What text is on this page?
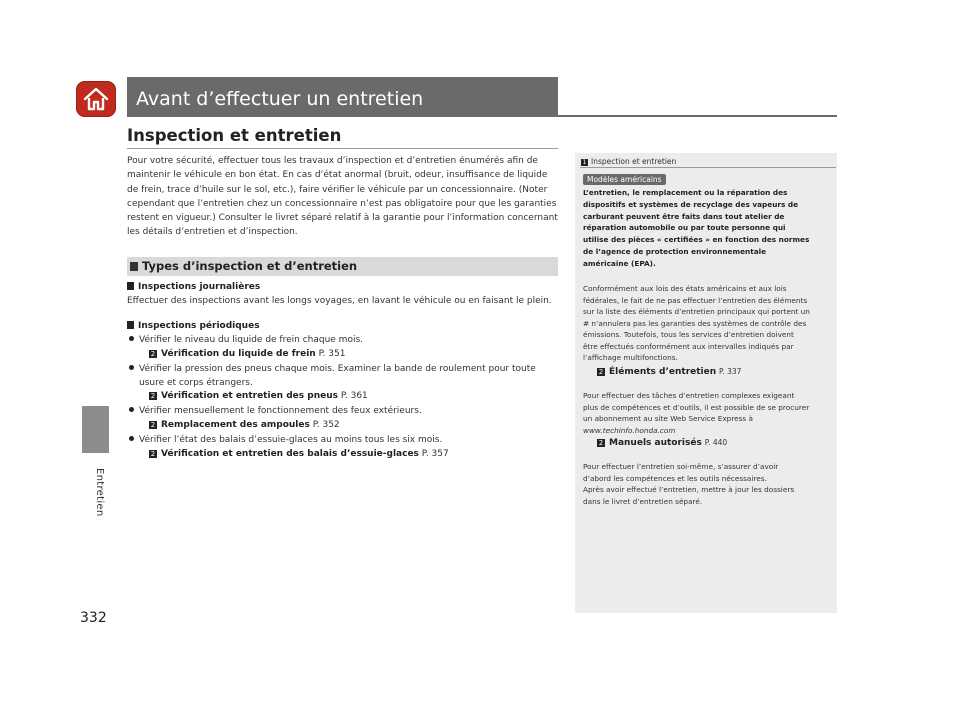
Entretien
Avant d’effectuer un entretien
Inspection et entretien
Pour votre sécurité, effectuer tous les travaux d’inspection et d’entretien énumérés afin de
maintenir le véhicule en bon état. En cas d’état anormal (bruit, odeur, insuffisance de liquide
de frein, trace d’huile sur le sol, etc.), faire vérifier le véhicule par un concessionnaire. (Noter
cependant que l’entretien chez un concessionnaire n’est pas obligatoire pour que les garanties
restent en vigueur.) Consulter le livret séparé relatif à la garantie pour l’information concernant
les détails d’entretien et d’inspection.
Types d’inspection et d’entretien
Inspections journalières
Effectuer des inspections avant les longs voyages, en lavant le véhicule ou en faisant le plein.
Inspections périodiques
Vérifier le niveau du liquide de frein chaque mois.
2 Vérification du liquide de frein P. 351
Vérifier la pression des pneus chaque mois. Examiner la bande de roulement pour toute
usure et corps étrangers.
2 Vérification et entretien des pneus P. 361
Vérifier mensuellement le fonctionnement des feux extérieurs.
2 Remplacement des ampoules P. 352
Vérifier l’état des balais d’essuie-glaces au moins tous les six mois.
2 Vérification et entretien des balais d’essuie-glaces P. 357
1 Inspection et entretien
Modèles américains

L’entretien, le remplacement ou la réparation des

dispositifs et systèmes de recyclage des vapeurs de

carburant peuvent être faits dans tout atelier de

réparation automobile ou par toute personne qui

utilise des pièces « certifiées » en fonction des normes

de l’agence de protection environnementale

américaine (EPA).

Conformément aux lois des états américains et aux lois

fédérales, le fait de ne pas effectuer l’entretien des éléments

sur la liste des éléments d’entretien principaux qui portent un

# n’annulera pas les garanties des systèmes de contrôle des

émissions. Toutefois, tous les services d’entretien doivent

être effectués conformément aux intervalles indiqués par

l’affichage multifonctions.

2 Éléments d’entretien P. 337

Pour effectuer des tâches d’entretien complexes exigeant

plus de compétences et d’outils, il est possible de se procurer

un abonnement au site Web Service Express à

www.techinfo.honda.com

2 Manuels autorisés P. 440

Pour effectuer l’entretien soi-même, s’assurer d’avoir

d’abord les compétences et les outils nécessaires.

Après avoir effectué l’entretien, mettre à jour les dossiers

dans le livret d’entretien séparé.

332
